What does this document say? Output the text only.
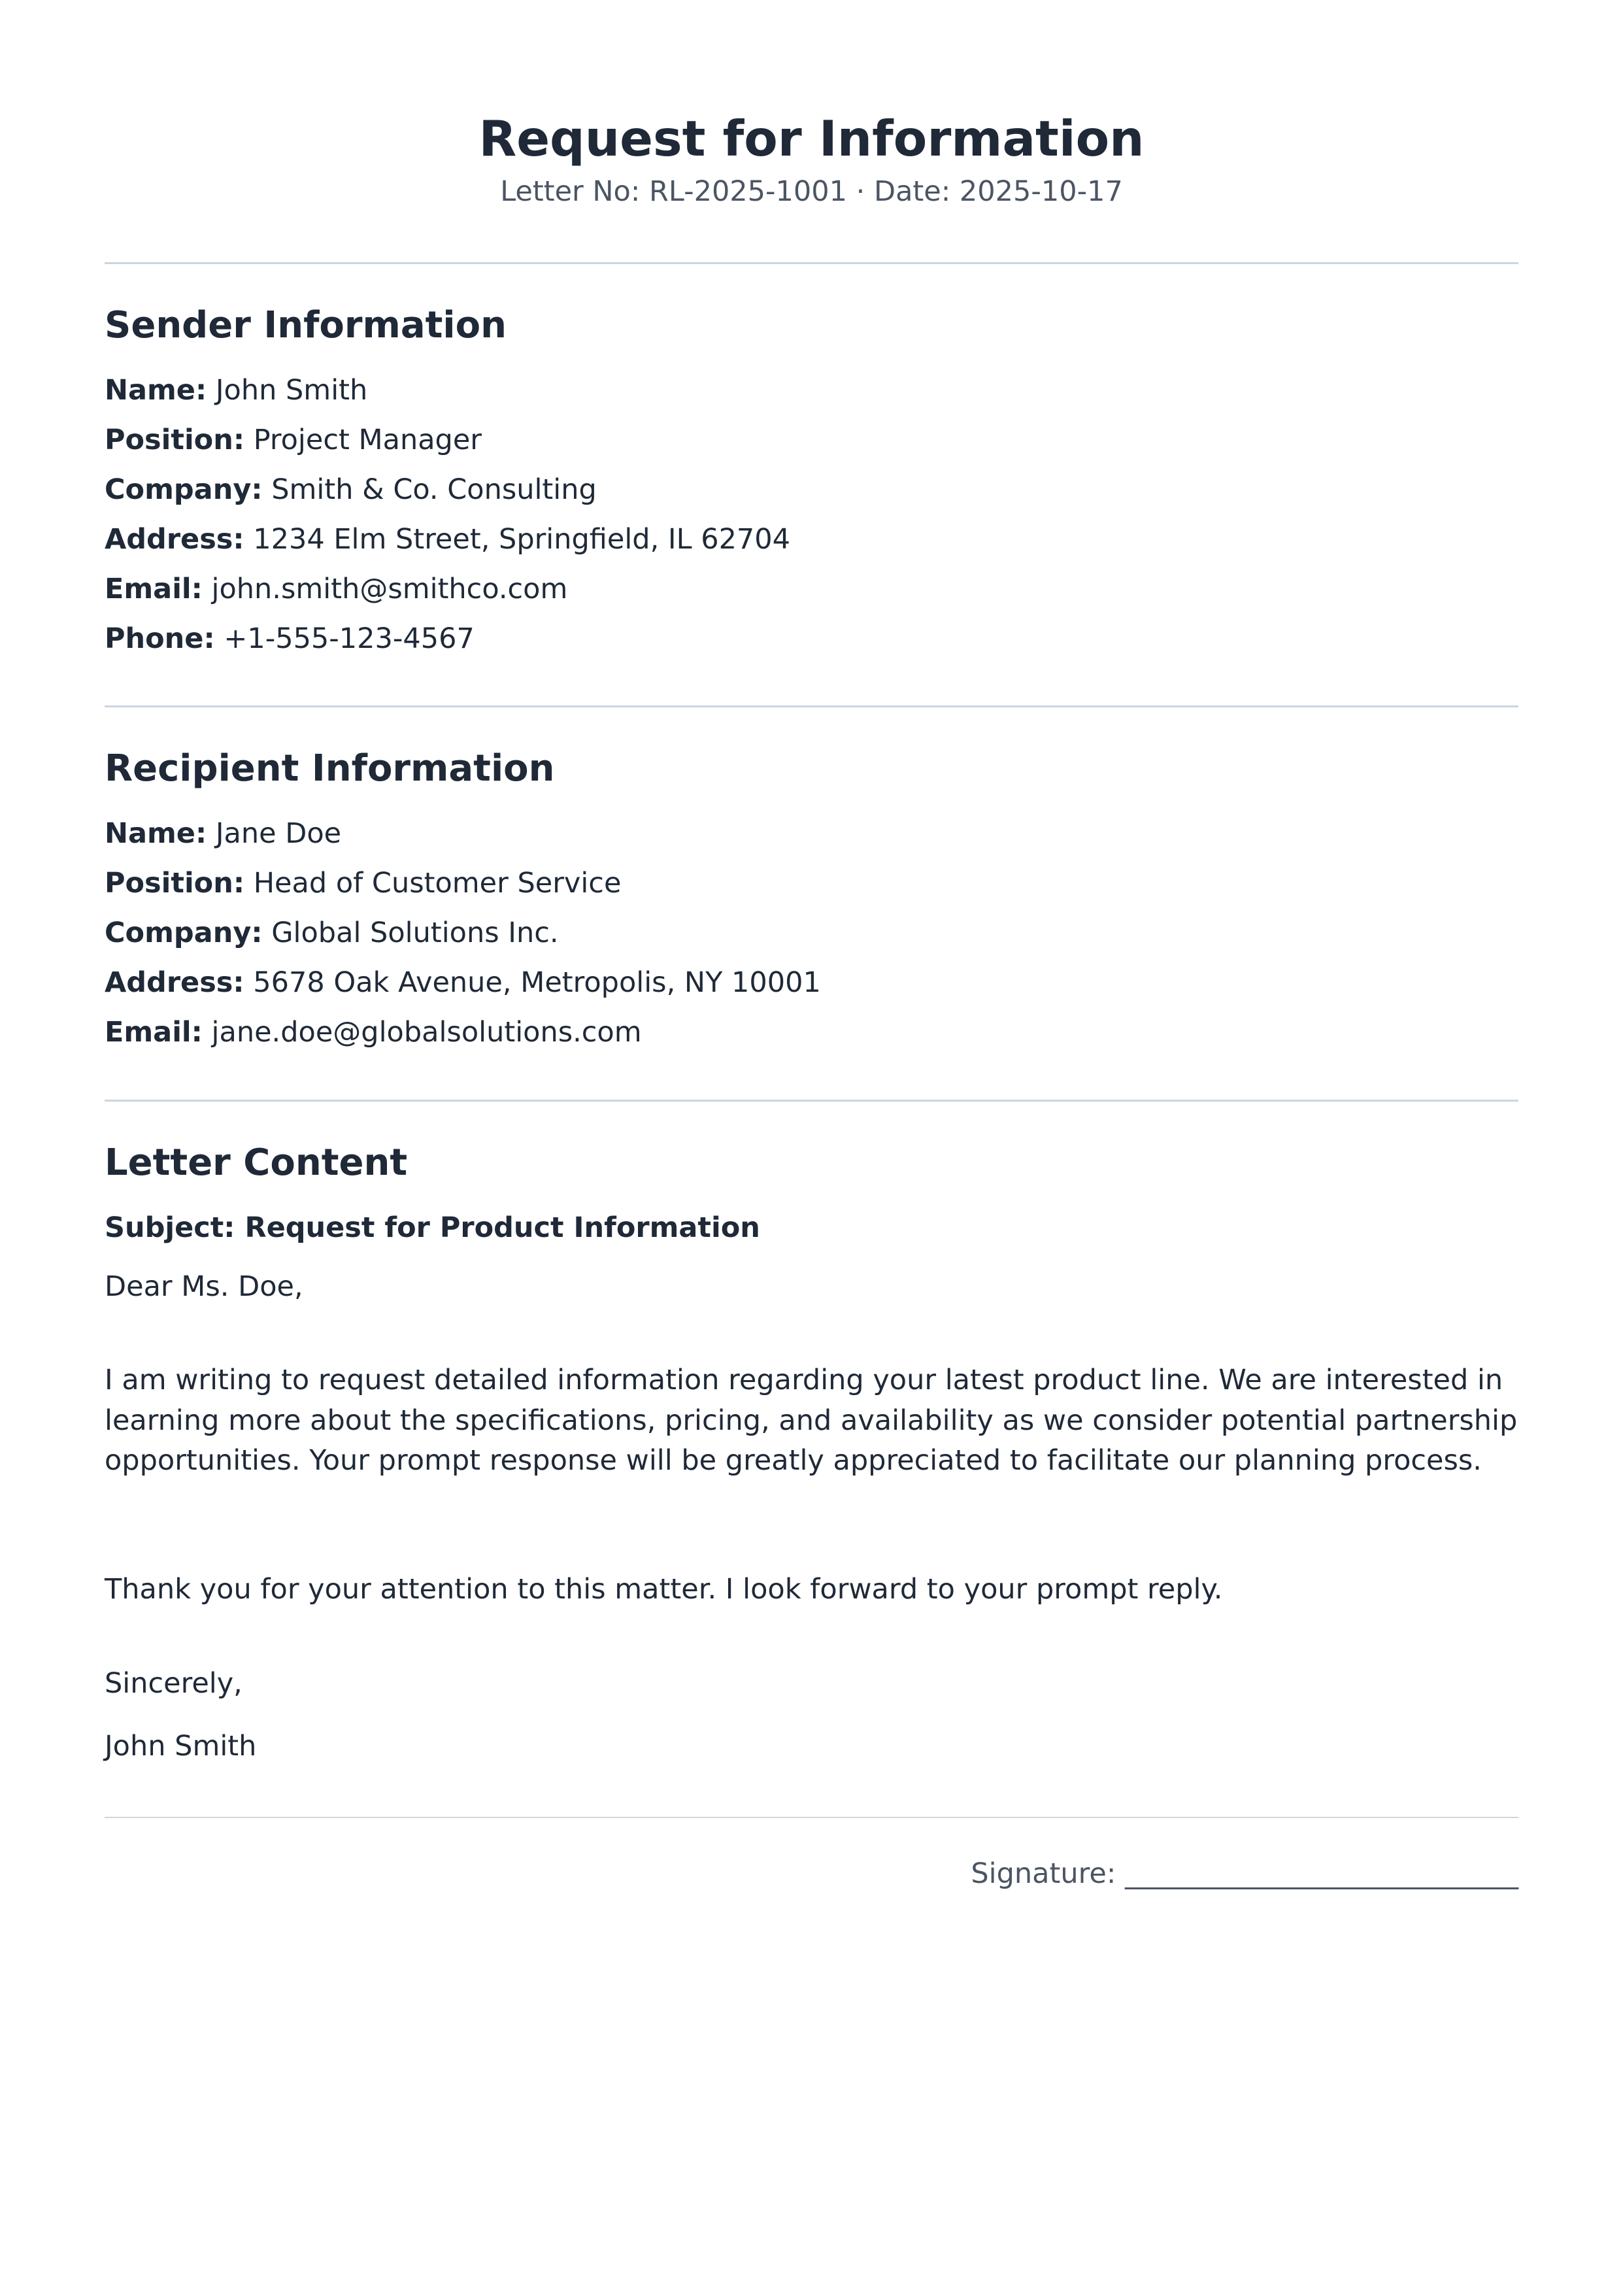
Request for Information
Letter No: RL-2025-1001 · Date: 2025-10-17
Sender Information
Name: John Smith
Position: Project Manager
Company: Smith & Co. Consulting
Address: 1234 Elm Street, Springfield, IL 62704
Email: john.smith@smithco.com
Phone: +1-555-123-4567
Recipient Information
Name: Jane Doe
Position: Head of Customer Service
Company: Global Solutions Inc.
Address: 5678 Oak Avenue, Metropolis, NY 10001
Email: jane.doe@globalsolutions.com
Letter Content
Subject: Request for Product Information

Dear Ms. Doe,

I am writing to request detailed information regarding your latest product line. We are interested in learning more about the specifications, pricing, and availability as we consider potential partnership opportunities. Your prompt response will be greatly appreciated to facilitate our planning process.

Thank you for your attention to this matter. I look forward to your prompt reply.

Sincerely,

John Smith

Signature: ____________________________
